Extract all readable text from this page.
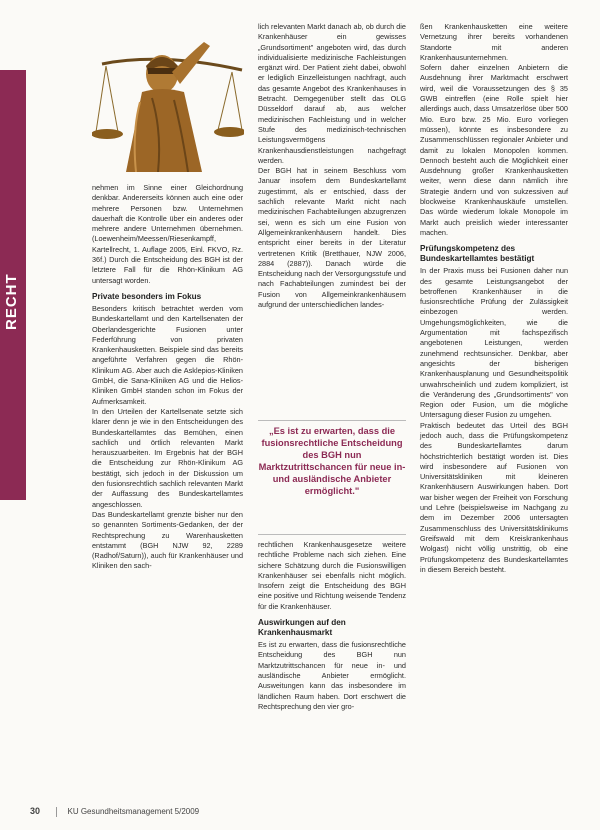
RECHT

nehmen im Sinne einer Gleichordnung denkbar. Andererseits können auch eine oder mehrere Personen bzw. Unternehmen dauerhaft die Kontrolle über ein anderes oder mehrere andere Unternehmen übernehmen. (Loewenheim/Meessen/Riesenkampff, Kartellrecht, 1. Auflage 2005, Einl. FKVO, Rz. 36f.) Durch die Entscheidung des BGH ist der letztere Fall für die Rhön-Klinikum AG untersagt worden.

Private besonders im Fokus

Besonders kritisch betrachtet werden vom Bundeskartellamt und den Kartellsenaten der Oberlandesgerichte Fusionen unter Federführung von privaten Krankenhausketten. Beispiele sind das bereits angeführte Verfahren gegen die Rhön-Klinikum AG. Aber auch die Asklepios-Kliniken GmbH, die Sana-Kliniken AG und die Helios-Kliniken GmbH standen schon im Fokus der Aufmerksamkeit.

In den Urteilen der Kartellsenate setzte sich klarer denn je wie in den Entscheidungen des Bundeskartellamtes das Bemühen, einen sachlich und örtlich relevanten Markt herauszuarbeiten. Im Ergebnis hat der BGH die Entscheidung zur Rhön-Klinikum AG bestätigt, sich jedoch in der Diskussion um den fusionsrechtlich sachlich relevanten Markt der Auffassung des Bundeskartellamtes angeschlossen.

Das Bundeskartellamt grenzte bisher nur den so genannten Sortiments-Gedanken, der der Rechtsprechung zu Warenhausketten entstammt (BGH NJW 92, 2289 (Radhof/Saturn)), auch für Krankenhäuser und Kliniken den sach-

lich relevanten Markt danach ab, ob durch die Krankenhäuser ein gewisses „Grundsortiment" angeboten wird, das durch individualisierte medizinische Fachleistungen ergänzt wird. Der Patient zieht dabei, obwohl er lediglich Einzelleistungen nachfragt, auch das gesamte Angebot des Krankenhauses in Betracht. Demgegenüber stellt das OLG Düsseldorf darauf ab, aus welcher medizinischen Fachleistung und in welcher Stufe des medizinisch-technischen Leistungsvermögens Krankenhausdienstleistungen nachgefragt werden.

Der BGH hat in seinem Beschluss vom Januar insofern dem Bundeskartellamt zugestimmt, als er entschied, dass der sachlich relevante Markt nicht nach medizinischen Fachabteilungen abzugrenzen sei, wenn es sich um eine Fusion von Allgemeinkrankenhäusern handelt. Dies entspricht einer bereits in der Literatur vertretenen Kritik (Bretthauer, NJW 2006, 2884 (2887)). Danach würde die Entscheidung nach der Versorgungsstufe und nach Fachabteilungen zumindest bei der Fusion von Allgemeinkrankenhäusern aufgrund der unterschiedlichen landes-

„Es ist zu erwarten, dass die fusionsrechtliche Entscheidung des BGH nun Marktzutrittschancen für neue in- und ausländische Anbieter ermöglicht."

rechtlichen Krankenhausgesetze weitere rechtliche Probleme nach sich ziehen. Eine sichere Schätzung durch die Fusionswilligen Krankenhäuser sei ebenfalls nicht möglich. Insofern zeigt die Entscheidung des BGH eine positive und Richtung weisende Tendenz für die Krankenhäuser.

Auswirkungen auf den Krankenhausmarkt

Es ist zu erwarten, dass die fusionsrechtliche Entscheidung des BGH nun Marktzutrittschancen für neue in- und ausländische Anbieter ermöglicht. Ausweitungen kann das insbesondere im ländlichen Raum haben. Dort erschwert die Rechtsprechung den vier gro-

ßen Krankenhausketten eine weitere Vernetzung ihrer bereits vorhandenen Standorte mit anderen Krankenhausunternehmen.

Sofern daher einzelnen Anbietern die Ausdehnung ihrer Marktmacht erschwert wird, weil die Voraussetzungen des § 35 GWB eintreffen (eine Rolle spielt hier allerdings auch, dass Umsatzerlöse über 500 Mio. Euro bzw. 25 Mio. Euro vorliegen müssen), könnte es insbesondere zu Zusammenschlüssen regionaler Anbieter und damit zu lokalen Monopolen kommen. Dennoch besteht auch die Möglichkeit einer Ausdehnung großer Krankenhausketten weiter, wenn diese dann nämlich ihre Strategie ändern und von sukzessiven auf blockweise Krankenhauskäufe umstellen. Das würde wiederum lokale Monopole im Markt auch preislich wieder interessanter machen.

Prüfungskompetenz des Bundeskartellamtes bestätigt

In der Praxis muss bei Fusionen daher nun des gesamte Leistungsangebot der betroffenen Krankenhäuser in die fusionsrechtliche Prüfung der Zulässigkeit einbezogen werden. Umgehungsmöglichkeiten, wie die Argumentation mit fachspezifisch angebotenen Leistungen, werden zunehmend rechtsunsicher. Denkbar, aber angesichts der bisherigen Krankenhausplanung und Gesundheitspolitik unwahrscheinlich und zudem kompliziert, ist die Veränderung des „Grundsortiments" von Region oder Fusion, um die mögliche Untersagung dieser Fusion zu umgehen.

Praktisch bedeutet das Urteil des BGH jedoch auch, dass die Prüfungskompetenz des Bundeskartellamtes darum höchstrichterlich bestätigt worden ist. Dies wird insbesondere auf Fusionen von Universitätskliniken mit kleineren Krankenhäusern Auswirkungen haben. Dort war bisher wegen der Freiheit von Forschung und Lehre (beispielsweise im Nachgang zu dem im Dezember 2006 untersagten Zusammenschluss des Universitätsklinikums Greifswald mit dem Kreiskrankenhaus Wolgast) nicht völlig unstrittig, ob eine Prüfungskompetenz des Bundeskartellamtes in diesem Bereich besteht.

30	KU Gesundheitsmanagement 5/2009
